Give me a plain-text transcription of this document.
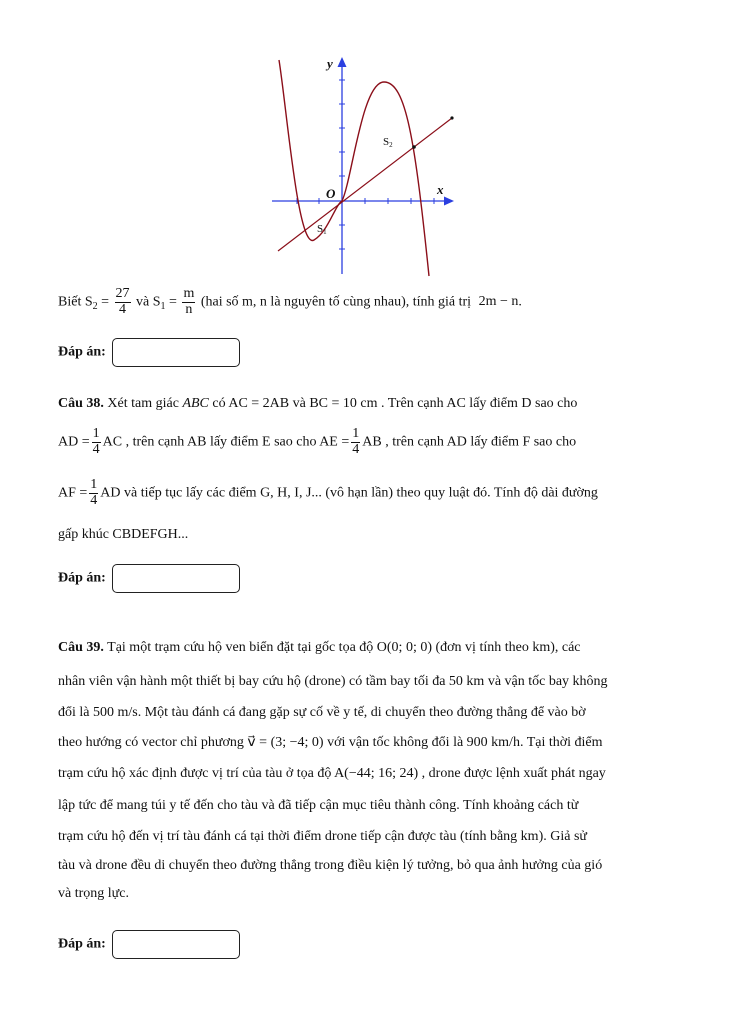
y
x
O
S2
S1
Biết $S_2 = \frac{27}{4}$ và $S_1 = \frac{m}{n} (hai$ số m, n là nguyên tố cùng nhau), tính giá trị 2m − n.
Đáp án:
Câu 38. Xét tam giác ABC có AC = 2AB và BC = 10 cm . Trên cạnh AC lấy điểm D sao cho
AD = $\frac{1}{4}$ AC , trên cạnh AB lấy điểm E sao cho AE = $\frac{1}{4}$ AB , trên cạnh AD lấy điểm F sao cho
AF = $\frac{1}{4}$ AD và tiếp tục lấy các điểm G, H, I, J... (vô hạn lần) theo quy luật đó. Tính độ dài đường
gấp khúc CBDEFGH...
Đáp án:
Câu 39. Tại một trạm cứu hộ ven biển đặt tại gốc tọa độ O(0; 0; 0) (đơn vị tính theo km), các
nhân viên vận hành một thiết bị bay cứu hộ (drone) có tầm bay tối đa 50 km và vận tốc bay không
đổi là 500 m/s. Một tàu đánh cá đang gặp sự cố về y tế, di chuyển theo đường thẳng để vào bờ
theo hướng có vector chỉ phương v⃗ = (3; −4; 0) với vận tốc không đổi là 900 km/h. Tại thời điểm
trạm cứu hộ xác định được vị trí của tàu ở tọa độ A(−44; 16; 24) , drone được lệnh xuất phát ngay
lập tức để mang túi y tế đến cho tàu và đã tiếp cận mục tiêu thành công. Tính khoảng cách từ
trạm cứu hộ đến vị trí tàu đánh cá tại thời điểm drone tiếp cận được tàu (tính bằng km). Giả sử
tàu và drone đều di chuyển theo đường thẳng trong điều kiện lý tưởng, bỏ qua ảnh hưởng của gió
và trọng lực.
Đáp án:
